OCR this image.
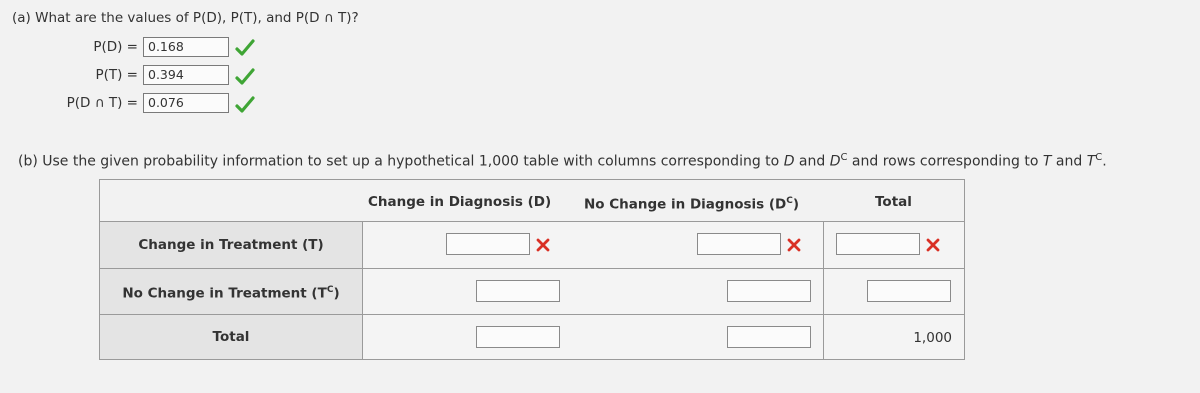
(a) What are the values of P(D), P(T), and P(D ∩ T)?
P(D) = 0.168
P(T) = 0.394
P(D ∩ T) = 0.076
(b) Use the given probability information to set up a hypothetical 1,000 table with columns corresponding to D and $D^C$ and rows corresponding to T and $T^C$.
Change in Diagnosis (D) No Change in Diagnosis $(D^C)$	Total
Change in Treatment (T)
No Change in Treatment $(T^C)$
Total	1,000
